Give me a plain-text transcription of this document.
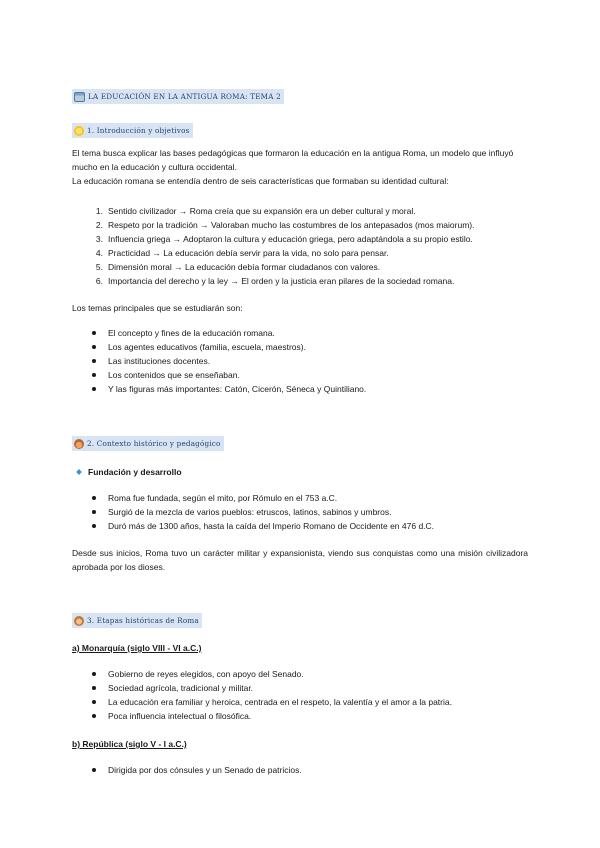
LA EDUCACIÓN EN LA ANTIGUA ROMA: TEMA 2
1. Introducción y objetivos

El tema busca explicar las bases pedagógicas que formaron la educación en la antigua Roma, un modelo que influyó mucho en la educación y cultura occidental.

La educación romana se entendía dentro de seis características que formaban su identidad cultural:

1. Sentido civilizador → Roma creía que su expansión era un deber cultural y moral.
2. Respeto por la tradición → Valoraban mucho las costumbres de los antepasados (mos maiorum).
3. Influencia griega → Adoptaron la cultura y educación griega, pero adaptándola a su propio estilo.
4. Practicidad → La educación debía servir para la vida, no solo para pensar.
5. Dimensión moral → La educación debía formar ciudadanos con valores.
6. Importancia del derecho y la ley → El orden y la justicia eran pilares de la sociedad romana.

Los temas principales que se estudiarán son:

El concepto y fines de la educación romana.
Los agentes educativos (familia, escuela, maestros).
Las instituciones docentes.
Los contenidos que se enseñaban.
Y las figuras más importantes: Catón, Cicerón, Séneca y Quintiliano.
2. Contexto histórico y pedagógico
Fundación y desarrollo
Roma fue fundada, según el mito, por Rómulo en el 753 a.C.
Surgió de la mezcla de varios pueblos: etruscos, latinos, sabinos y umbros.
Duró más de 1300 años, hasta la caída del Imperio Romano de Occidente en 476 d.C.

Desde sus inicios, Roma tuvo un carácter militar y expansionista, viendo sus conquistas como una misión civilizadora aprobada por los dioses.

3. Etapas históricas de Roma
a) Monarquía (siglo VIII - VI a.C.)
Gobierno de reyes elegidos, con apoyo del Senado.
Sociedad agrícola, tradicional y militar.
La educación era familiar y heroica, centrada en el respeto, la valentía y el amor a la patria.
Poca influencia intelectual o filosófica.
b) República (siglo V - I a.C.)
Dirigida por dos cónsules y un Senado de patricios.
